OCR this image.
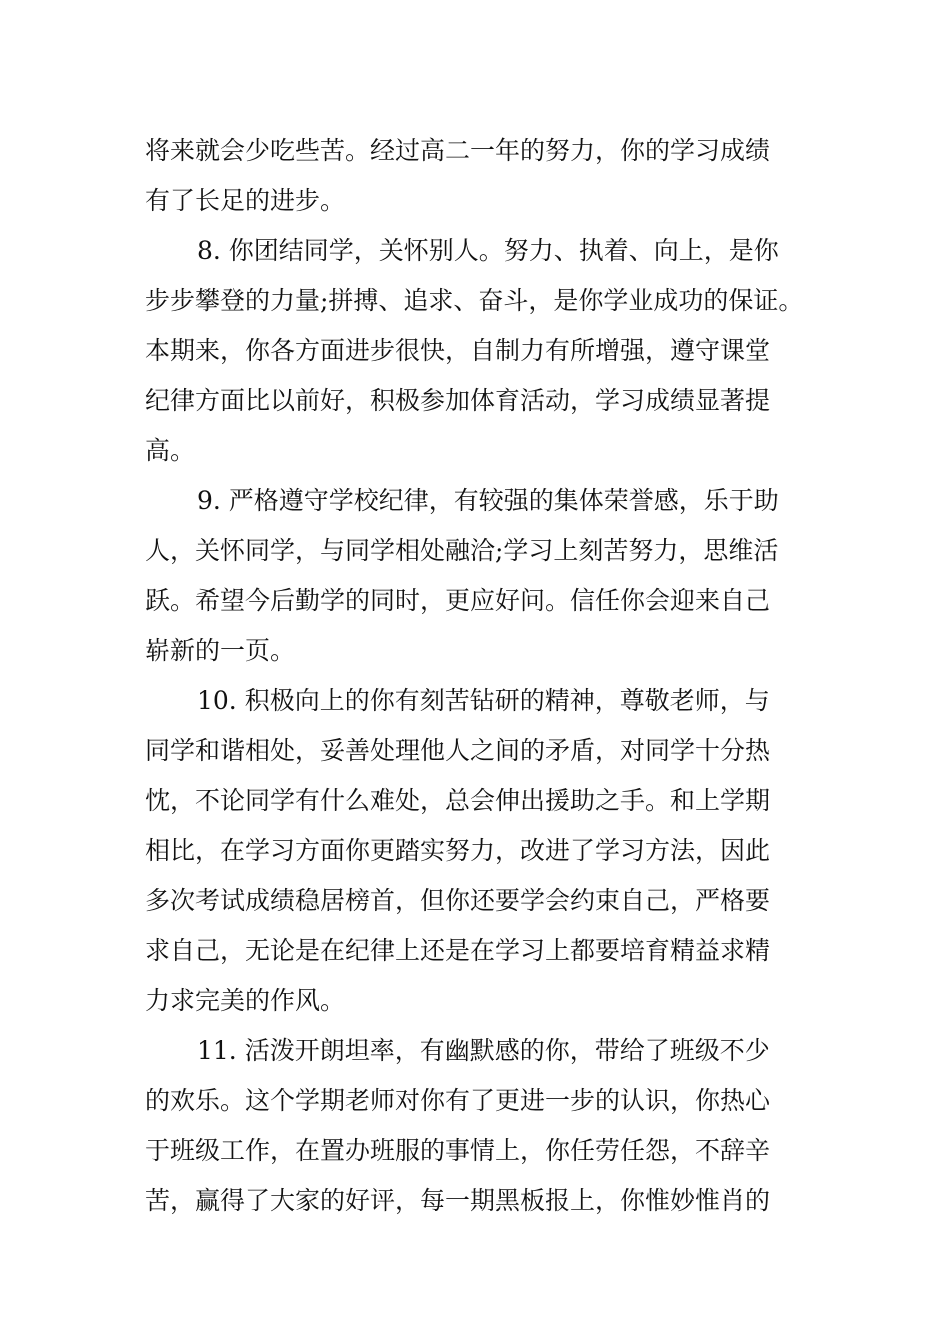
将来就会少吃些苦。经过高二一年的努力，你的学习成绩
有了长足的进步。
8. 你团结同学，关怀别人。努力、执着、向上，是你
步步攀登的力量;拼搏、追求、奋斗，是你学业成功的保证。
本期来，你各方面进步很快，自制力有所增强，遵守课堂
纪律方面比以前好，积极参加体育活动，学习成绩显著提
高。
9. 严格遵守学校纪律，有较强的集体荣誉感，乐于助
人，关怀同学，与同学相处融洽;学习上刻苦努力，思维活
跃。希望今后勤学的同时，更应好问。信任你会迎来自己
崭新的一页。
10. 积极向上的你有刻苦钻研的精神，尊敬老师，与
同学和谐相处，妥善处理他人之间的矛盾，对同学十分热
忱，不论同学有什么难处，总会伸出援助之手。和上学期
相比，在学习方面你更踏实努力，改进了学习方法，因此
多次考试成绩稳居榜首，但你还要学会约束自己，严格要
求自己，无论是在纪律上还是在学习上都要培育精益求精
力求完美的作风。
11. 活泼开朗坦率，有幽默感的你，带给了班级不少
的欢乐。这个学期老师对你有了更进一步的认识，你热心
于班级工作，在置办班服的事情上，你任劳任怨，不辞辛
苦，赢得了大家的好评，每一期黑板报上，你惟妙惟肖的
